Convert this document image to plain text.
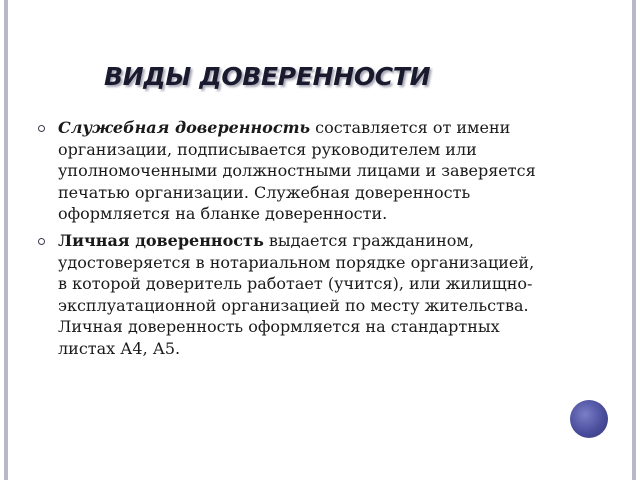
ВИДЫ ДОВЕРЕННОСТИ
Служебная доверенность составляется от имени организации, подписывается руководителем или уполномоченными должностными лицами и заверяется печатью организации. Служебная доверенность оформляется на бланке доверенности.
Личная доверенность выдается гражданином, удостоверяется в нотариальном порядке организацией, в которой доверитель работает (учится), или жилищно-эксплуатационной организацией по месту жительства. Личная доверенность оформляется на стандартных листах А4, А5.
